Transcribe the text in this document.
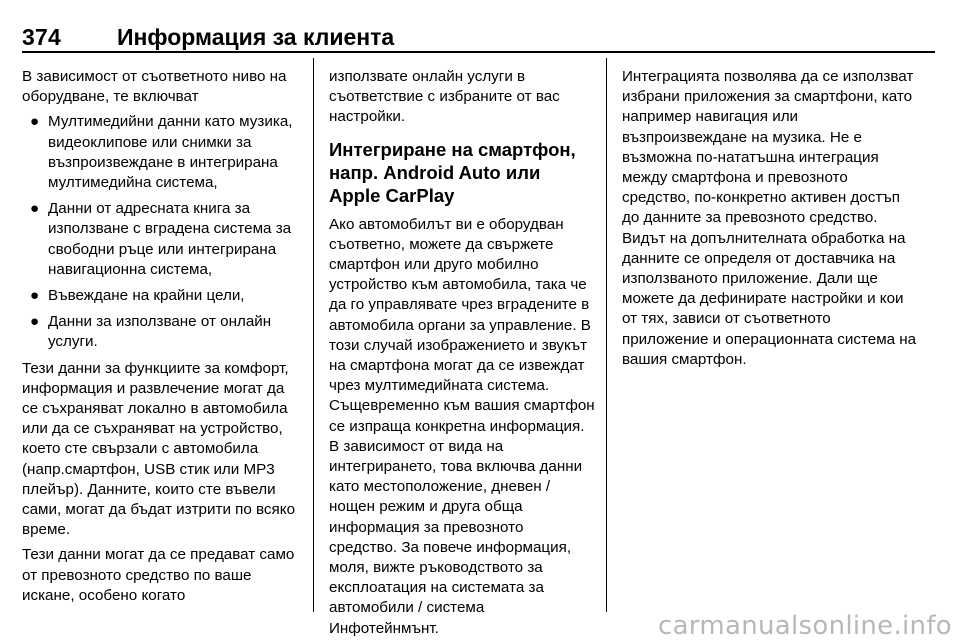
374 Информация за клиента

В зависимост от съответното ниво на оборудване, те включват

● Мултимедийни данни като музика, видеоклипове или снимки за възпроизвеждане в интегрирана мултимедийна система,
● Данни от адресната книга за използване с вградена система за свободни ръце или интегрирана навигационна система,
● Въвеждане на крайни цели,
● Данни за използване от онлайн услуги.

Тези данни за функциите за комфорт, информация и развлечение могат да се съхраняват локално в автомобила или да се съхраняват на устройство, което сте свързали с автомобила (напр.смартфон, USB стик или MP3 плейър). Данните, които сте въвели сами, могат да бъдат изтрити по всяко време.

Тези данни могат да се предават само от превозното средство по ваше искане, особено когато

използвате онлайн услуги в съответствие с избраните от вас настройки.

Интегриране на смартфон, напр. Android Auto или Apple CarPlay

Ако автомобилът ви е оборудван съответно, можете да свържете смартфон или друго мобилно устройство към автомобила, така че да го управлявате чрез вградените в автомобила органи за управление. В този случай изображението и звукът на смартфона могат да се извеждат чрез мултимедийната система. Същевременно към вашия смартфон се изпраща конкретна информация. В зависимост от вида на интегрирането, това включва данни като местоположение, дневен / нощен режим и друга обща информация за превозното средство. За повече информация, моля, вижте ръководството за експлоатация на системата за автомобили / система Инфотейнмънт.

Интеграцията позволява да се използват избрани приложения за смартфони, като например навигация или възпроизвеждане на музика. Не е възможна по-нататъшна интеграция между смартфона и превозното средство, по-конкретно активен достъп до данните за превозното средство. Видът на допълнителната обработка на данните се определя от доставчика на използваното приложение. Дали ще можете да дефинирате настройки и кои от тях, зависи от съответното приложение и операционната система на вашия смартфон.

carmanualsonline.info
